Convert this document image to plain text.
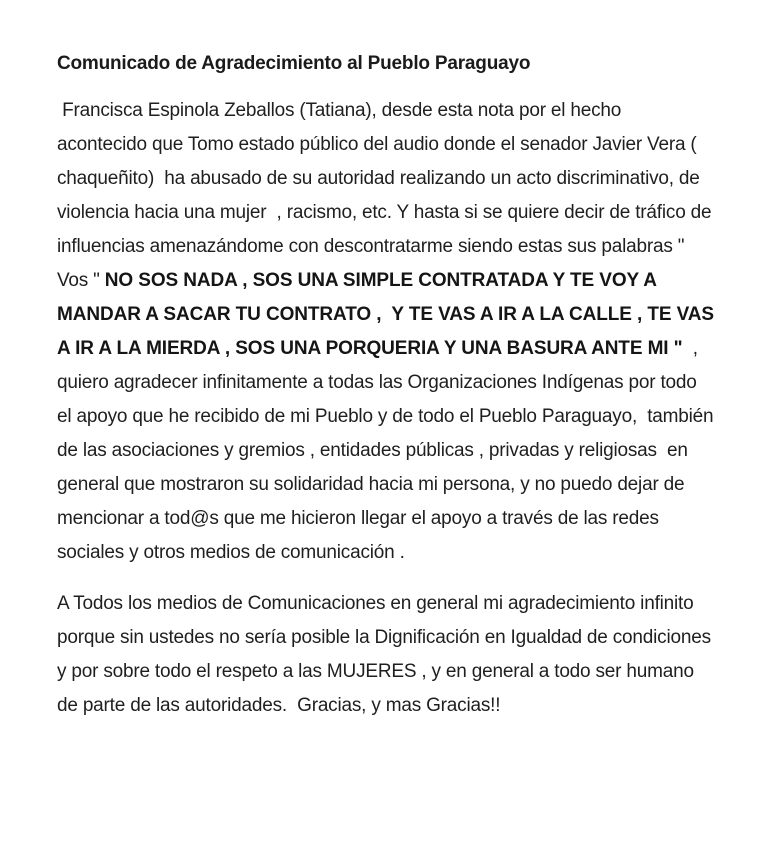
Comunicado de Agradecimiento al Pueblo Paraguayo

Francisca Espinola Zeballos (Tatiana), desde esta nota por el hecho acontecido que Tomo estado público del audio donde el senador Javier Vera ( chaqueñito)  ha abusado de su autoridad realizando un acto discriminativo, de  violencia hacia una mujer  , racismo, etc. Y hasta si se quiere decir de tráfico de influencias amenazándome con descontratarme siendo estas sus palabras " Vos " NO SOS NADA , SOS UNA SIMPLE CONTRATADA Y TE VOY A MANDAR A SACAR TU CONTRATO ,  Y TE VAS A IR A LA CALLE , TE VAS A IR A LA MIERDA , SOS UNA PORQUERIA Y UNA BASURA ANTE MI "  , quiero agradecer infinitamente a todas las Organizaciones Indígenas por todo el apoyo que he recibido de mi Pueblo y de todo el Pueblo Paraguayo,  también de las asociaciones y gremios , entidades públicas , privadas y religiosas  en general que mostraron su solidaridad hacia mi persona, y no puedo dejar de mencionar a tod@s que me hicieron llegar el apoyo a través de las redes sociales y otros medios de comunicación .

A Todos los medios de Comunicaciones en general mi agradecimiento infinito porque sin ustedes no sería posible la Dignificación en Igualdad de condiciones y por sobre todo el respeto a las MUJERES , y en general a todo ser humano  de parte de las autoridades.  Gracias, y mas Gracias!!
